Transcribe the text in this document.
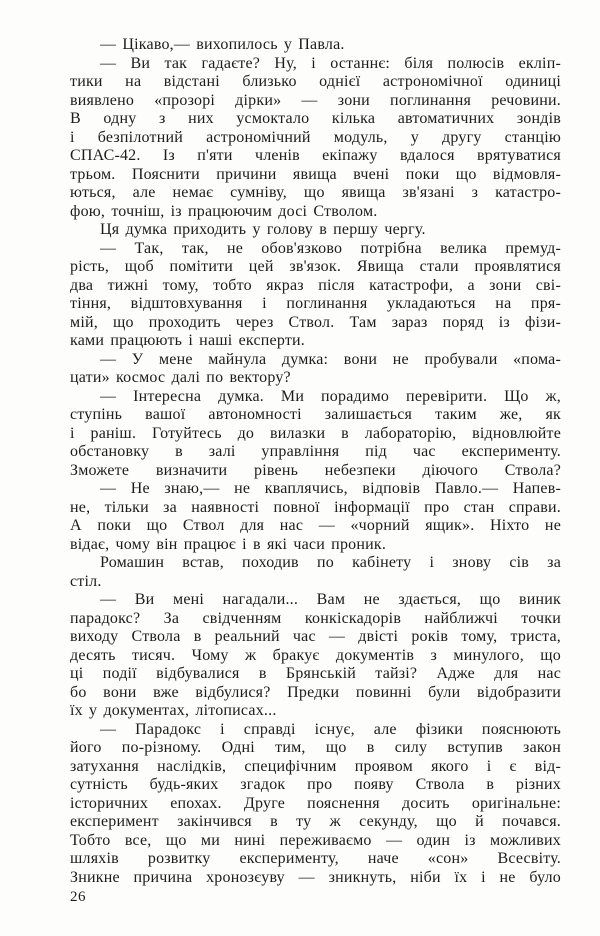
— Цікаво,— вихопилось у Павла.
— Ви так гадаєте? Ну, і останнє: біля полюсів екліп-
тики на відстані близько однієї астрономічної одиниці
виявлено «прозорі дірки» — зони поглинання речовини.
В одну з них усмоктало кілька автоматичних зондів
і безпілотний астрономічний модуль, у другу станцію
СПАС-42. Із п'яти членів екіпажу вдалося врятуватися
трьом. Пояснити причини явища вчені поки що відмовля-
ються, але немає сумніву, що явища зв'язані з катастро-
фою, точніш, із працюючим досі Стволом.
Ця думка приходить у голову в першу чергу.
— Так, так, не обов'язково потрібна велика премуд-
рість, щоб помітити цей зв'язок. Явища стали проявлятися
два тижні тому, тобто якраз після катастрофи, а зони сві-
тіння, відштовхування і поглинання укладаються на пря-
мій, що проходить через Ствол. Там зараз поряд із фізи-
ками працюють і наші експерти.
— У мене майнула думка: вони не пробували «пома-
цати» космос далі по вектору?
— Інтересна думка. Ми порадимо перевірити. Що ж,
ступінь вашої автономності залишається таким же, як
і раніш. Готуйтесь до вилазки в лабораторію, відновлюйте
обстановку в залі управління під час експерименту.
Зможете визначити рівень небезпеки діючого Ствола?
— Не знаю,— не кваплячись, відповів Павло.— Напев-
не, тільки за наявності повної інформації про стан справи.
А поки що Ствол для нас — «чорний ящик». Ніхто не
відає, чому він працює і в які часи проник.
Ромашин встав, походив по кабінету і знову сів за
стіл.
— Ви мені нагадали... Вам не здається, що виник
парадокс? За свідченням конкіскадорів найближчі точки
виходу Ствола в реальний час — двісті років тому, триста,
десять тисяч. Чому ж бракує документів з минулого, що
ці події відбувалися в Брянській тайзі? Адже для нас
бо вони вже відбулися? Предки повинні були відобразити
їх у документах, літописах...
— Парадокс і справді існує, але фізики пояснюють
його по-різному. Одні тим, що в силу вступив закон
затухання наслідків, специфічним проявом якого і є від-
сутність будь-яких згадок про появу Ствола в різних
історичних епохах. Друге пояснення досить оригінальне:
експеримент закінчився в ту ж секунду, що й почався.
Тобто все, що ми нині переживаємо — один із можливих
шляхів розвитку експерименту, наче «сон» Всесвіту.
Зникне причина хронозєуву — зникнуть, ніби їх і не було
26
